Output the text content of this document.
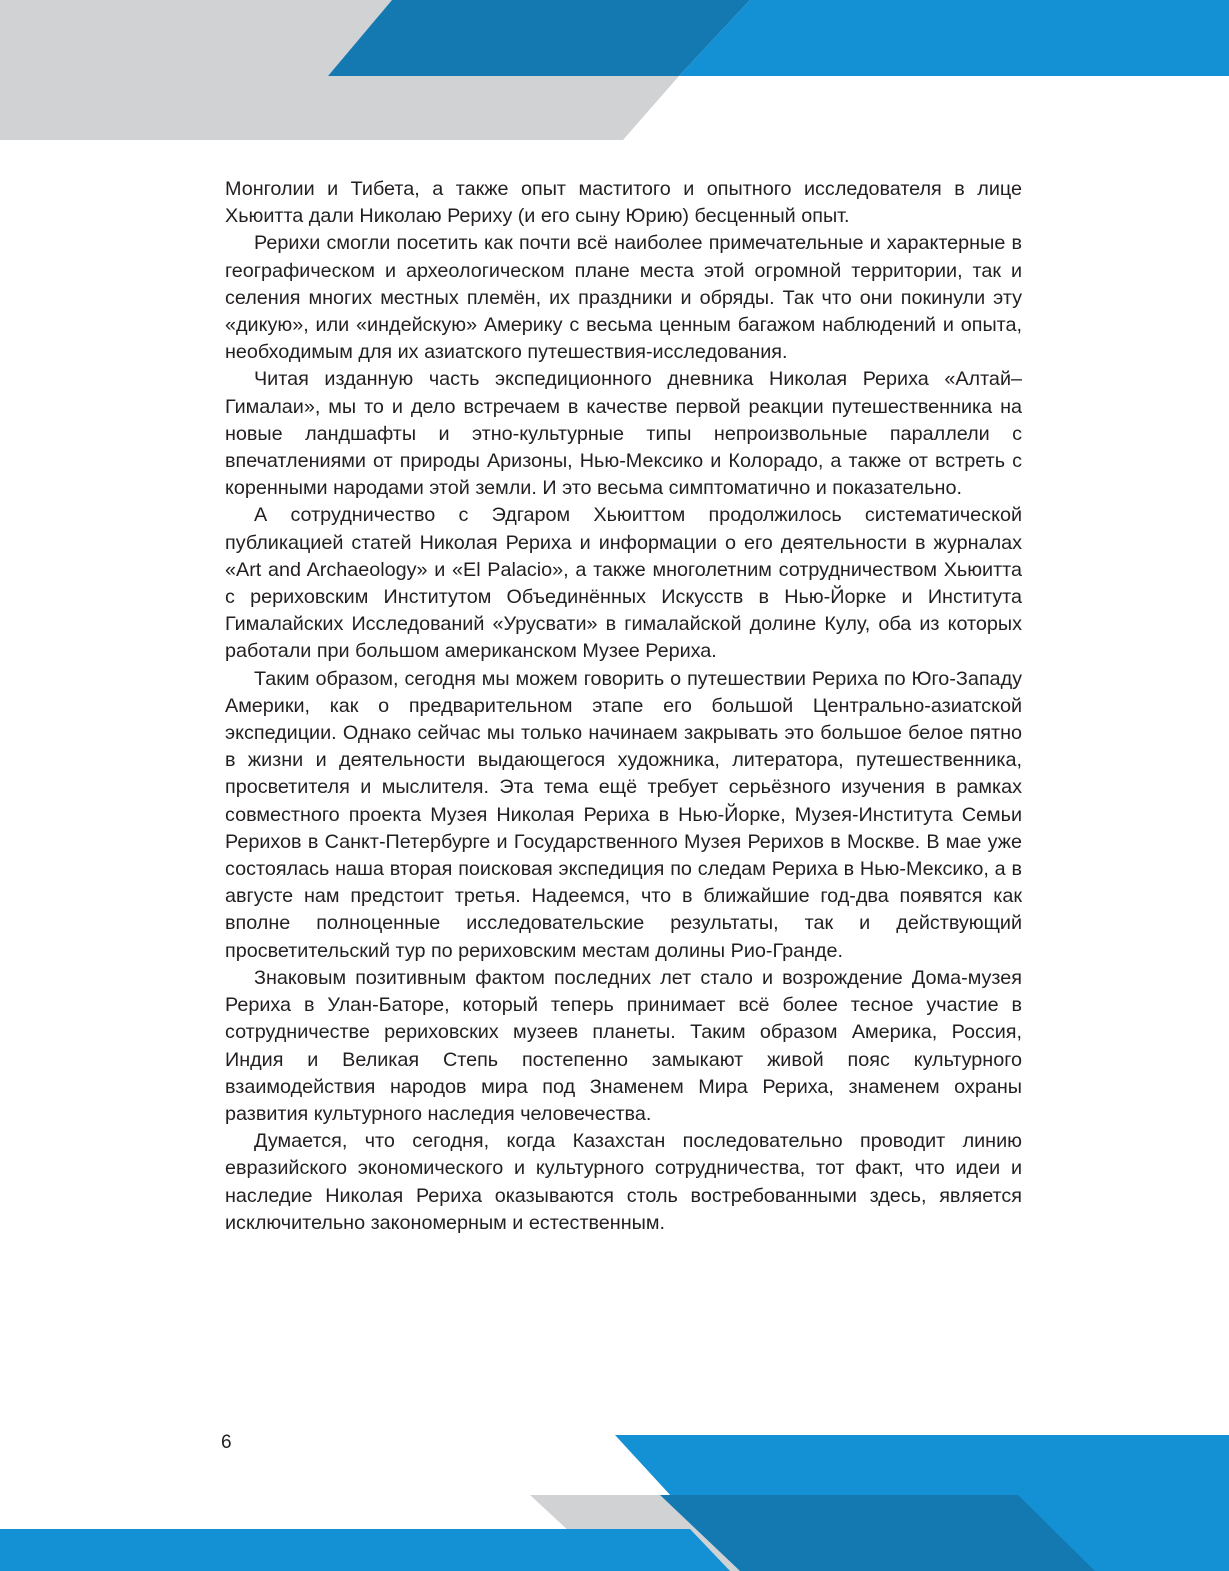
Монголии и Тибета, а также опыт маститого и опытного исследователя в лице Хьюитта дали Николаю Рериху (и его сыну Юрию) бесценный опыт.

Рерихи смогли посетить как почти всё наиболее примечательные и характерные в географическом и археологическом плане места этой огромной территории, так и селения многих местных племён, их праздники и обряды. Так что они покинули эту «дикую», или «индейскую» Америку с весьма ценным багажом наблюдений и опыта, необходимым для их азиатского путешествия-исследования.

Читая изданную часть экспедиционного дневника Николая Рериха «Алтай–Гималаи», мы то и дело встречаем в качестве первой реакции путешественника на новые ландшафты и этно-культурные типы непроизвольные параллели с впечатлениями от природы Аризоны, Нью-Мексико и Колорадо, а также от встреть с коренными народами этой земли. И это весьма симптоматично и показательно.

А сотрудничество с Эдгаром Хьюиттом продолжилось систематической публикацией статей Николая Рериха и информации о его деятельности в журналах «Art and Archaeology» и «El Palacio», а также многолетним сотрудничеством Хьюитта с рериховским Институтом Объединённых Искусств в Нью-Йорке и Института Гималайских Исследований «Урусвати» в гималайской долине Кулу, оба из которых работали при большом американском Музее Рериха.

Таким образом, сегодня мы можем говорить о путешествии Рериха по Юго-Западу Америки, как о предварительном этапе его большой Центрально-азиатской экспедиции. Однако сейчас мы только начинаем закрывать это большое белое пятно в жизни и деятельности выдающегося художника, литератора, путешественника, просветителя и мыслителя. Эта тема ещё требует серьёзного изучения в рамках совместного проекта Музея Николая Рериха в Нью-Йорке, Музея-Института Семьи Рерихов в Санкт-Петербурге и Государственного Музея Рерихов в Москве. В мае уже состоялась наша вторая поисковая экспедиция по следам Рериха в Нью-Мексико, а в августе нам предстоит третья. Надеемся, что в ближайшие год-два появятся как вполне полноценные исследовательские результаты, так и действующий просветительский тур по рериховским местам долины Рио-Гранде.

Знаковым позитивным фактом последних лет стало и возрождение Дома-музея Рериха в Улан-Баторе, который теперь принимает всё более тесное участие в сотрудничестве рериховских музеев планеты. Таким образом Америка, Россия, Индия и Великая Степь постепенно замыкают живой пояс культурного взаимодействия народов мира под Знаменем Мира Рериха, знаменем охраны развития культурного наследия человечества.

Думается, что сегодня, когда Казахстан последовательно проводит линию евразийского экономического и культурного сотрудничества, тот факт, что идеи и наследие Николая Рериха оказываются столь востребованными здесь, является исключительно закономерным и естественным.

6
